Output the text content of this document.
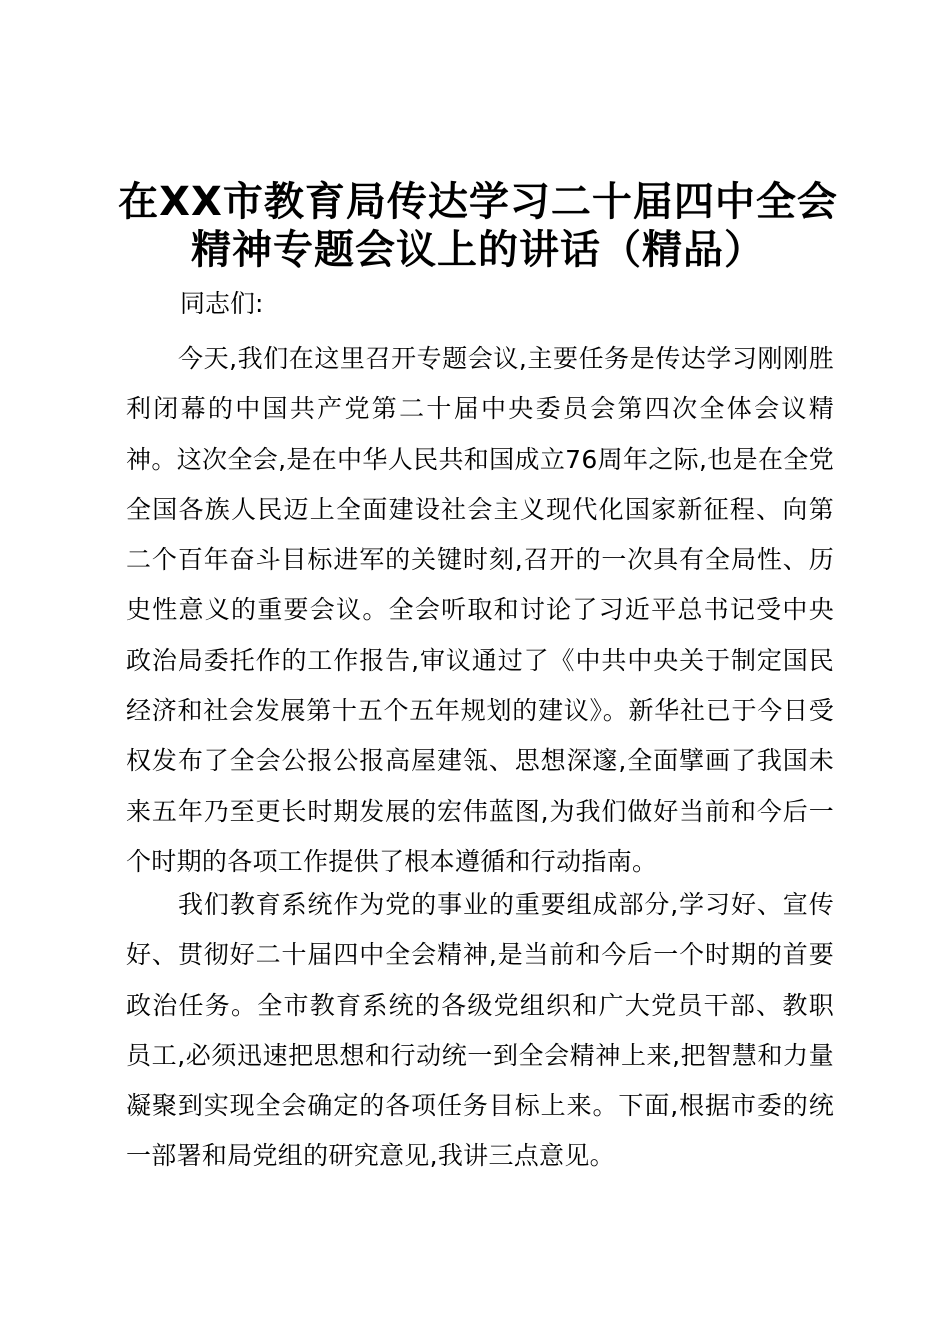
在XX市教育局传达学习二十届四中全会精神专题会议上的讲话（精品）

同志们:

今天,我们在这里召开专题会议,主要任务是传达学习刚刚胜利闭幕的中国共产党第二十届中央委员会第四次全体会议精神。这次全会,是在中华人民共和国成立76周年之际,也是在全党全国各族人民迈上全面建设社会主义现代化国家新征程、向第二个百年奋斗目标进军的关键时刻,召开的一次具有全局性、历史性意义的重要会议。全会听取和讨论了习近平总书记受中央政治局委托作的工作报告,审议通过了《中共中央关于制定国民经济和社会发展第十五个五年规划的建议》。新华社已于今日受权发布了全会公报公报高屋建瓴、思想深邃,全面擘画了我国未来五年乃至更长时期发展的宏伟蓝图,为我们做好当前和今后一个时期的各项工作提供了根本遵循和行动指南。

我们教育系统作为党的事业的重要组成部分,学习好、宣传好、贯彻好二十届四中全会精神,是当前和今后一个时期的首要政治任务。全市教育系统的各级党组织和广大党员干部、教职员工,必须迅速把思想和行动统一到全会精神上来,把智慧和力量凝聚到实现全会确定的各项任务目标上来。下面,根据市委的统一部署和局党组的研究意见,我讲三点意见。
